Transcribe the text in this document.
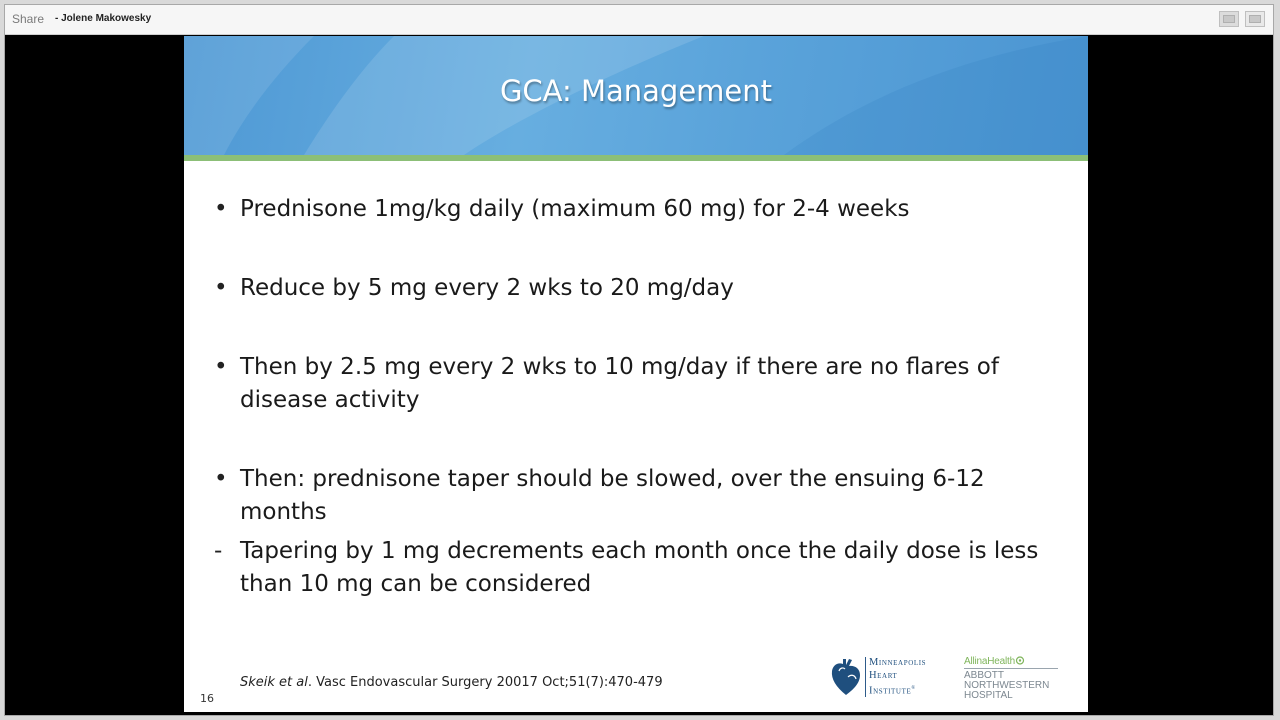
Share - Jolene Makowesky
GCA: Management
• Prednisone 1mg/kg daily (maximum 60 mg) for 2-4 weeks
• Reduce by 5 mg every 2 wks to 20 mg/day
• Then by 2.5 mg every 2 wks to 10 mg/day if there are no flares of disease activity
• Then: prednisone taper should be slowed, over the ensuing 6-12 months
- Tapering by 1 mg decrements each month once the daily dose is less than 10 mg can be considered
Skeik et al. Vasc Endovascular Surgery 20017 Oct;51(7):470-479
16
Minneapolis
Heart
Institute®
AllinaHealth
ABBOTT
NORTHWESTERN
HOSPITAL
